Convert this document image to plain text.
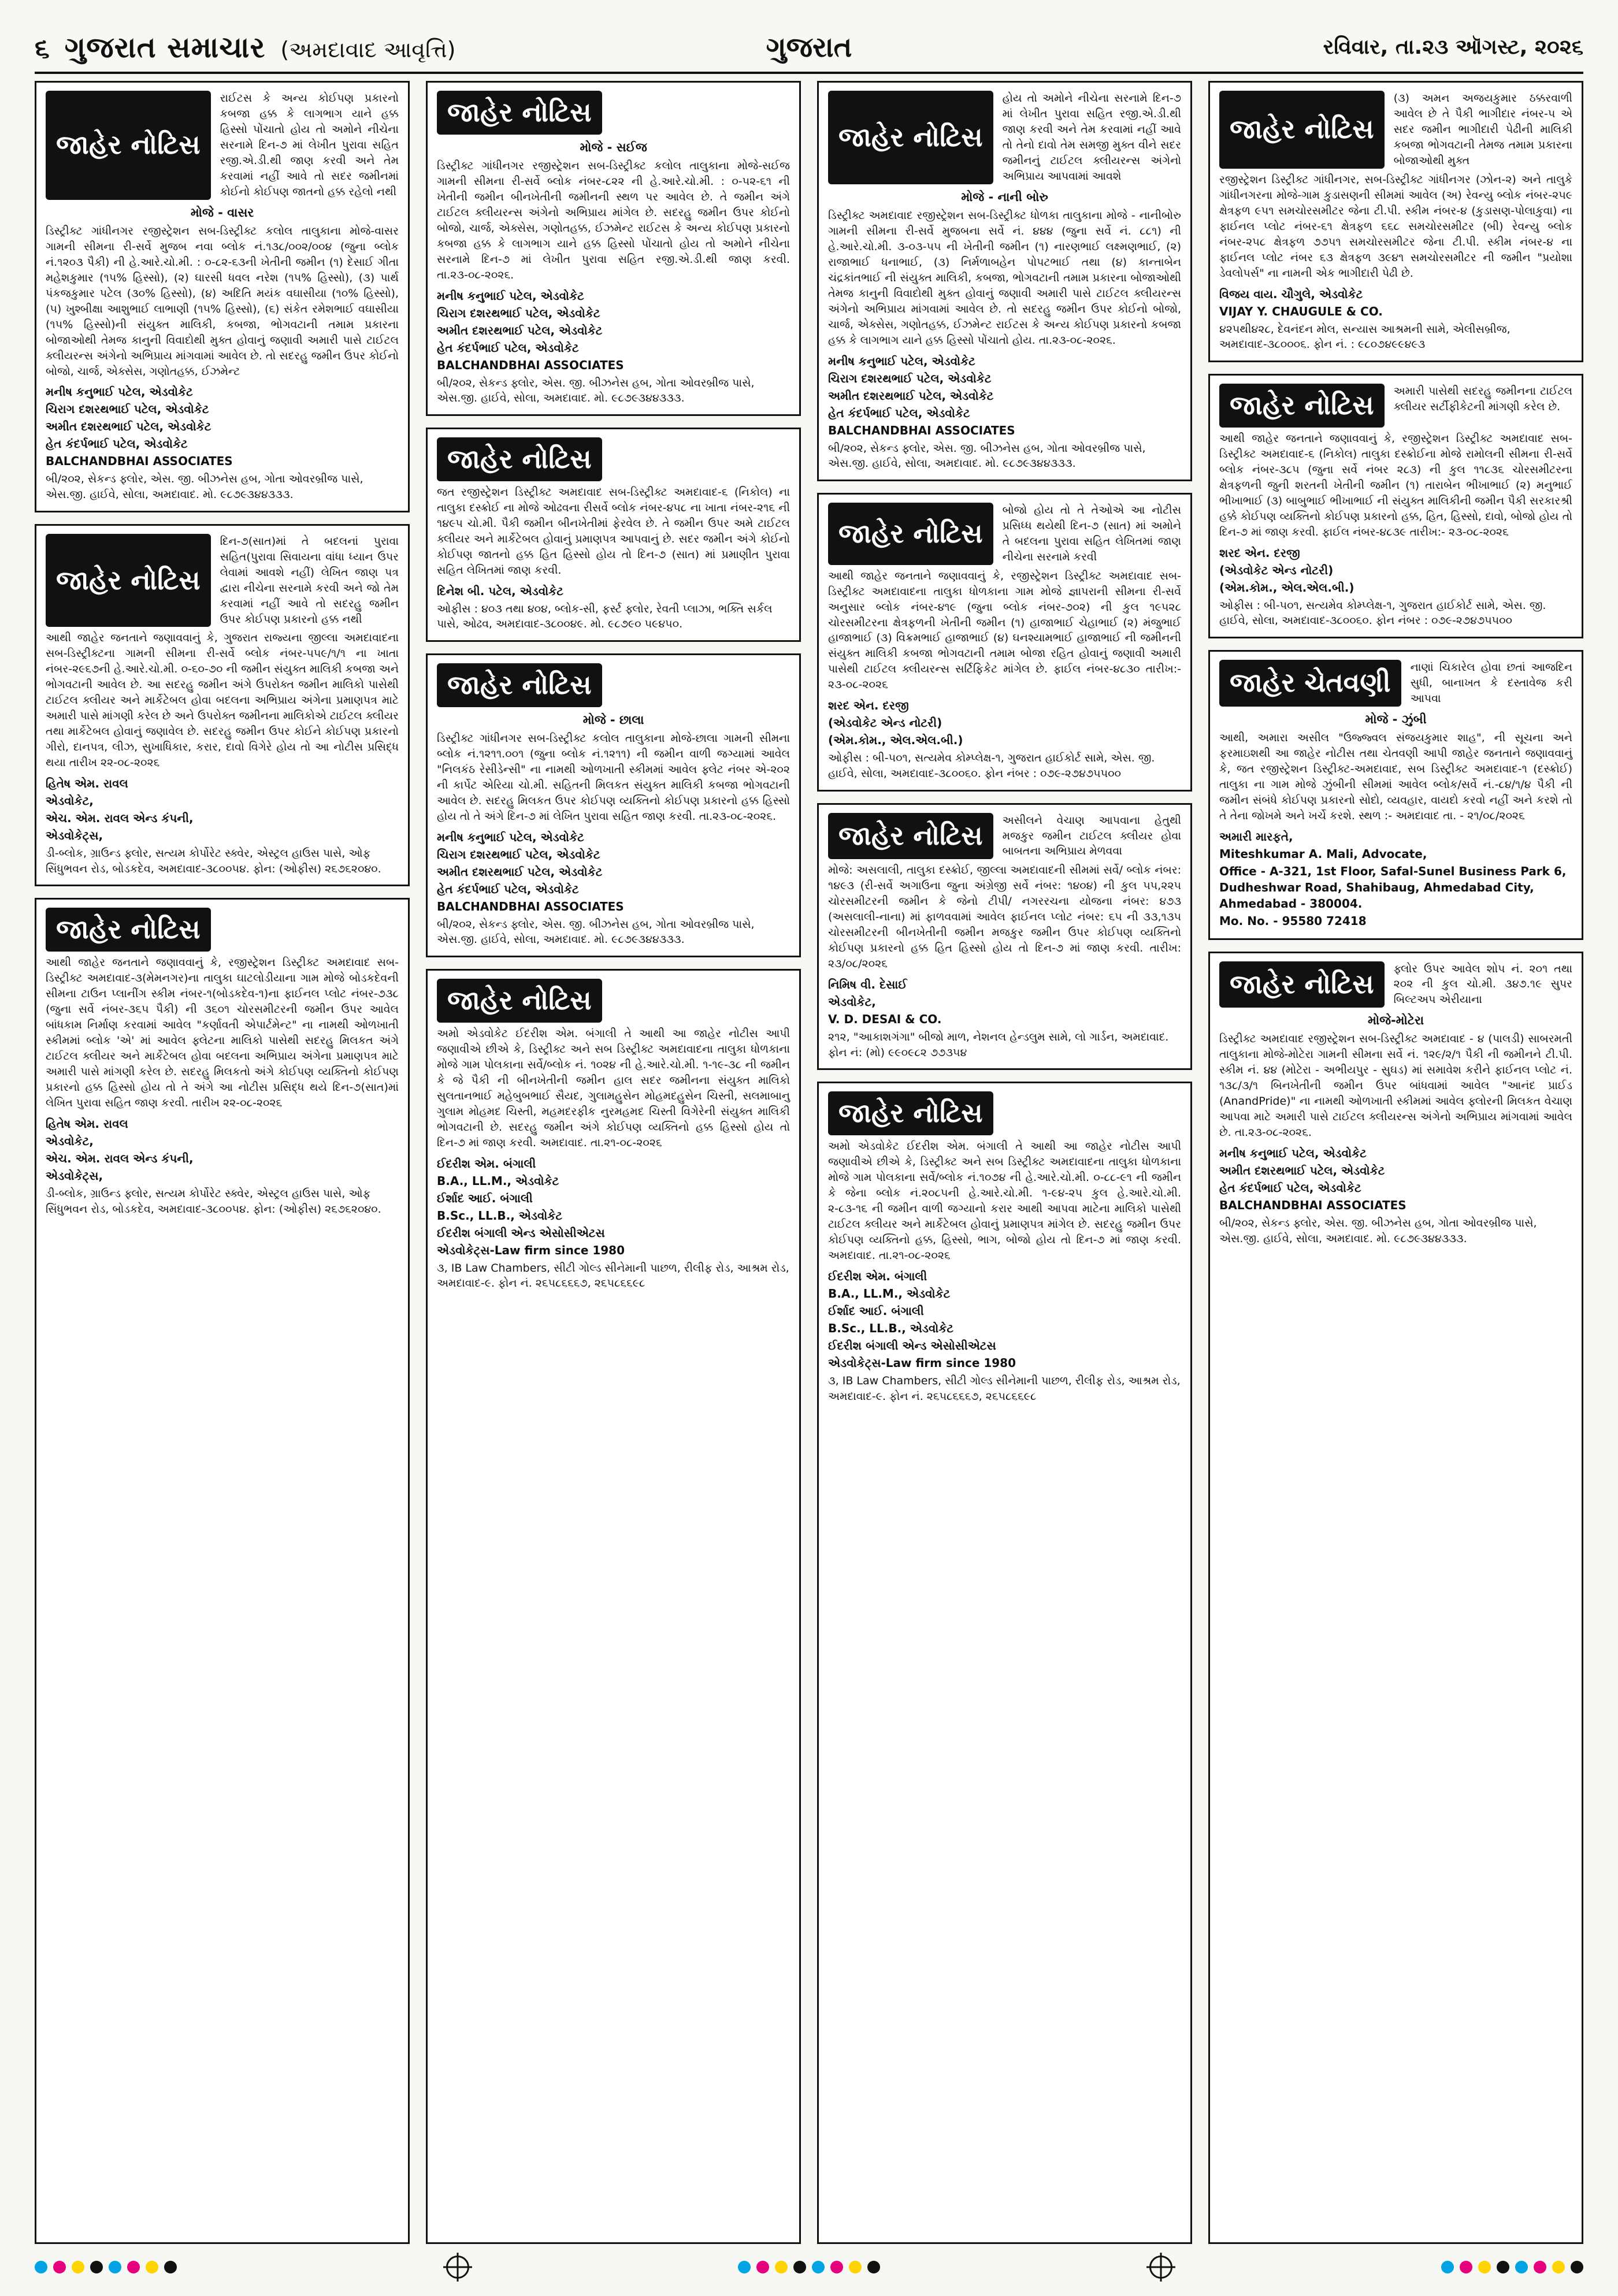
૬ ગુજરાત સમાચાર (અમદાવાદ આવૃત્તિ)	ગુજરાત	રવિવાર, તા.૨૩ ઑગસ્ટ, ૨૦૨૬
જાહેર નોટિસ
રાઈટસ કે અન્ય કોઈપણ પ્રકારનો કબજા હક્ક કે લાગભાગ યાને હક્ક હિસ્સો પોંચાતો હોય તો અમોને નીચેના સરનામે દિન-૭ માં લેખીત પુરાવા સહિત રજી.એ.ડી.થી જાણ કરવી અને તેમ કરવામાં નહીં આવે તો સદર જમીનમાં કોઈનો કોઈપણ જાતનો હક્ક રહેલો નથી
મોજે - વાસર
ડિસ્ટ્રીક્ટ ગાંધીનગર રજીસ્ટ્રેશન સબ-ડિસ્ટ્રીક્ટ કલોલ તાલુકાના મોજે-વાસર ગામની સીમના રી-સર્વે મુજબ નવા બ્લોક નં.૧૩૮/૦૦૨/૦૦૪ (જુના બ્લોક નં.૧૨૦૩ પૈકી) ની હે.આરે.ચો.મી. : ૦-૮૨-૬૩ની ખેતીની જમીન (૧) દેસાઈ ગીતા મહેશકુમાર (૧૫% હિસ્સો), (૨) ઘારસી ધવલ નરેશ (૧૫% હિસ્સો), (૩) પાર્થ પંકજકુમાર પટેલ (૩૦% હિસ્સો), (૪) અદિતિ મયંક વઘાસીયા (૧૦% હિસ્સો), (૫) ખુશ્બીક્ષા આશુભાઈ લાભાણી (૧૫% હિસ્સો), (૬) સંકેત રમેશભાઈ વઘાસીયા (૧૫% હિસ્સો)ની સંયુક્ત માલિકી, કબજા, ભોગવટાની તમામ પ્રકારના બોજાઓથી તેમજ કાનુની વિવાદોથી મુક્ત હોવાનું જણાવી અમારી પાસે ટાઈટલ ક્લીયરન્સ અંગેનો અભિપ્રાય માંગવામાં આવેલ છે. તો સદરહુ જમીન ઉપર કોઈનો બોજો, ચાર્જ, એક્સેસ, ગણોતહક્ક, ઈઝમેન્ટ
મનીષ કનુભાઈ પટેલ, એડવોકેટ
ચિરાગ દશરથભાઈ પટેલ, એડવોકેટ
અમીત દશરથભાઈ પટેલ, એડવોકેટ
હેત કંદર્પભાઈ પટેલ, એડવોકેટ
BALCHANDBHAI ASSOCIATES
બી/૨૦૨, સેકન્ડ ફ્લોર, એસ. જી. બીઝનેસ હબ, ગોતા ઓવરબ્રીજ પાસે, એસ.જી. હાઈવે, સોલા, અમદાવાદ. મો. ૯૮૭૯૩૪૪૩૩૩.
જાહેર નોટિસ
દિન-૭(સાત)માં તે બદલનાં પુરાવા સહિત(પુરાવા સિવાયના વાંધા ધ્યાન ઉપર લેવામાં આવશે નહીં) લેખિત જાણ પત્ર દ્વારા નીચેના સરનામે કરવી અને જો તેમ કરવામાં નહીં આવે તો સદરહુ જમીન ઉપર કોઈપણ પ્રકારનો હક્ક નથી
આથી જાહેર જનતાને જણાવવાનું કે, ગુજરાત રાજ્યના જીલ્લા અમદાવાદના સબ-ડિસ્ટ્રીક્ટના ગામની સીમના રી-સર્વે બ્લોક નંબર-૫૫૯/૧/૧ ના ખાતા નંબર-૨૯૬૭ની હે.આરે.ચો.મી. ૦-૬૦-૭૦ ની જમીન સંયુક્ત માલિકી કબજા અને ભોગવટાની આવેલ છે. આ સદરહુ જમીન અંગે ઉપરોક્ત જમીન માલિકો પાસેથી ટાઈટલ ક્લીયર અને માર્કેટેબલ હોવા બદલના અભિપ્રાય અંગેના પ્રમાણપત્ર માટે અમારી પાસે માંગણી કરેલ છે અને ઉપરોક્ત જમીનના માલિકોએ ટાઈટલ ક્લીયર તથા માર્કેટેબલ હોવાનું જણાવેલ છે. સદરહુ જમીન ઉપર કોઈને કોઈપણ પ્રકારનો ગીરો, દાનપત્ર, લીઝ, સુખાધિકાર, કરાર, દાવો વિગેરે હોય તો આ નોટીસ પ્રસિદ્ધ થયા તારીખ ૨૨-૦૮-૨૦૨૬
હિતેષ એમ. રાવલ
એડવોકેટ,
એચ. એમ. રાવલ એન્ડ કંપની,
એડવોકેટ્સ,
ડી-બ્લોક, ગ્રાઉન્ડ ફ્લોર, સત્યમ કોર્પોરેટ સ્ક્વેર, એસ્ટ્રલ હાઉસ પાસે, ઓફ સિંધુભવન રોડ, બોડકદેવ, અમદાવાદ-૩૮૦૦૫૪. ફોન: (ઓફીસ) ૨૬૭૬૨૦૪૦.
જાહેર નોટિસ
આથી જાહેર જનતાને જણાવવાનું કે, રજીસ્ટ્રેશન ડિસ્ટ્રીક્ટ અમદાવાદ સબ-ડિસ્ટ્રીક્ટ અમદાવાદ-૩(મેમનગર)ના તાલુકા ઘાટલોડીયાના ગામ મોજે બોડકદેવની સીમના ટાઉન પ્લાનીંગ સ્કીમ નંબર-૧(બોડકદેવ-૧)ના ફાઈનલ પ્લોટ નંબર-૭૩૮ (જુના સર્વે નંબર-૩૬૫ પૈકી) ની ૩૬૦૧ ચોરસમીટરની જમીન ઉપર આવેલ બાંધકામ નિર્માણ કરવામાં આવેલ "કર્ણાવતી એપાર્ટમેન્ટ" ના નામથી ઓળખાતી સ્કીમમાં બ્લોક 'એ' માં આવેલ ફ્લેટના માલિકો પાસેથી સદરહુ મિલકત અંગે ટાઈટલ ક્લીયર અને માર્કેટેબલ હોવા બદલના અભિપ્રાય અંગેના પ્રમાણપત્ર માટે અમારી પાસે માંગણી કરેલ છે. સદરહુ મિલકતો અંગે કોઈપણ વ્યક્તિનો કોઈપણ પ્રકારનો હક્ક હિસ્સો હોય તો તે અંગે આ નોટીસ પ્રસિદ્ધ થયે દિન-૭(સાત)માં લેખિત પુરાવા સહિત જાણ કરવી. તારીખ ૨૨-૦૮-૨૦૨૬
હિતેષ એમ. રાવલ
એડવોકેટ,
એચ. એમ. રાવલ એન્ડ કંપની,
એડવોકેટ્સ,
ડી-બ્લોક, ગ્રાઉન્ડ ફ્લોર, સત્યમ કોર્પોરેટ સ્ક્વેર, એસ્ટ્રલ હાઉસ પાસે, ઓફ સિંધુભવન રોડ, બોડકદેવ, અમદાવાદ-૩૮૦૦૫૪. ફોન: (ઓફીસ) ૨૬૭૬૨૦૪૦.
જાહેર નોટિસ
મોજે - સઈજ
ડિસ્ટ્રીક્ટ ગાંધીનગર રજીસ્ટ્રેશન સબ-ડિસ્ટ્રીક્ટ કલોલ તાલુકાના મોજે-સઈજ ગામની સીમના રી-સર્વે બ્લોક નંબર-૮૨૨ ની હે.આરે.ચો.મી. : ૦-૫૨-૬૧ ની ખેતીની જમીન બીનખેતીની જમીનની સ્થળ પર આવેલ છે. તે જમીન અંગે ટાઈટલ ક્લીયરન્સ અંગેનો અભિપ્રાય માંગેલ છે. સદરહુ જમીન ઉપર કોઈનો બોજો, ચાર્જ, એક્સેસ, ગણોતહક્ક, ઈઝમેન્ટ રાઈટસ કે અન્ય કોઈપણ પ્રકારનો કબજા હક્ક કે લાગભાગ યાને હક્ક હિસ્સો પોંચાતો હોય તો અમોને નીચેના સરનામે દિન-૭ માં લેખીત પુરાવા સહિત રજી.એ.ડી.થી જાણ કરવી. તા.૨૩-૦૮-૨૦૨૬.
મનીષ કનુભાઈ પટેલ, એડવોકેટ
ચિરાગ દશરથભાઈ પટેલ, એડવોકેટ
અમીત દશરથભાઈ પટેલ, એડવોકેટ
હેત કંદર્પભાઈ પટેલ, એડવોકેટ
BALCHANDBHAI ASSOCIATES
બી/૨૦૨, સેકન્ડ ફ્લોર, એસ. જી. બીઝનેસ હબ, ગોતા ઓવરબ્રીજ પાસે, એસ.જી. હાઈવે, સોલા, અમદાવાદ. મો. ૯૮૭૯૩૪૪૩૩૩.
જાહેર નોટિસ
જત રજીસ્ટ્રેશન ડિસ્ટ્રીક્ટ અમદાવાદ સબ-ડિસ્ટ્રીક્ટ અમદાવાદ-૬ (નિકોલ) ના તાલુકા દસ્ક્રોઈ ના મોજે ઓઢવના રીસર્વે બ્લોક નંબર-૪૫૮ ના ખાતા નંબર-૨૧૬ ની ૧૪૯૫ ચો.મી. પૈકી જમીન બીનખેતીમાં ફેરવેલ છે. તે જમીન ઉપર અમે ટાઈટલ ક્લીયર અને માર્કેટેબલ હોવાનું પ્રમાણપત્ર આપવાનું છે. સદર જમીન અંગે કોઈનો કોઈપણ જાતનો હક્ક હિત હિસ્સો હોય તો દિન-૭ (સાત) માં પ્રમાણીત પુરાવા સહિત લેખિતમાં જાણ કરવી.
દિનેશ બી. પટેલ, એડવોકેટ
ઓફીસ : ૪૦૩ તથા ૪૦૪, બ્લોક-સી, ફર્સ્ટ ફ્લોર, રેવતી પ્લાઝા, ભક્તિ સર્કલ પાસે, ઓઢવ, અમદાવાદ-૩૮૦૦૪૯. મો. ૯૮૭૯૦ ૫૯૪૫૦.
જાહેર નોટિસ
મોજે - છાલા
ડિસ્ટ્રીક્ટ ગાંધીનગર સબ-ડિસ્ટ્રીક્ટ કલોલ તાલુકાના મોજે-છાલા ગામની સીમના બ્લોક નં.૧૨૧૧.૦૦૧ (જુના બ્લોક નં.૧૨૧૧) ની જમીન વાળી જગ્યામાં આવેલ "નિલકંઠ રેસીડેન્સી" ના નામથી ઓળખાતી સ્કીમમાં આવેલ ફ્લેટ નંબર એ-૨૦૨ ની કાર્પેટ એરિયા ચો.મી. સહિતની મિલકત સંયુક્ત માલિકી કબજા ભોગવટાની આવેલ છે. સદરહુ મિલકત ઉપર કોઈપણ વ્યક્તિનો કોઈપણ પ્રકારનો હક્ક હિસ્સો હોય તો તે અંગે દિન-૭ માં લેખિત પુરાવા સહિત જાણ કરવી. તા.૨૩-૦૮-૨૦૨૬.
મનીષ કનુભાઈ પટેલ, એડવોકેટ
ચિરાગ દશરથભાઈ પટેલ, એડવોકેટ
અમીત દશરથભાઈ પટેલ, એડવોકેટ
હેત કંદર્પભાઈ પટેલ, એડવોકેટ
BALCHANDBHAI ASSOCIATES
બી/૨૦૨, સેકન્ડ ફ્લોર, એસ. જી. બીઝનેસ હબ, ગોતા ઓવરબ્રીજ પાસે, એસ.જી. હાઈવે, સોલા, અમદાવાદ. મો. ૯૮૭૯૩૪૪૩૩૩.
જાહેર નોટિસ
અમો એડવોકેટ ઈદરીશ એમ. બંગાલી તે આથી આ જાહેર નોટીસ આપી જણાવીએ છીએ કે, ડિસ્ટ્રીક્ટ અને સબ ડિસ્ટ્રીક્ટ અમદાવાદના તાલુકા ધોળકાના મોજે ગામ પોલકાના સર્વે/બ્લોક નં. ૧૦૨૪ ની હે.આરે.ચો.મી. ૧-૧૯-૩૮ ની જમીન કે જે પૈકી ની બીનખેતીની જમીન હાલ સદર જમીનના સંયુક્ત માલિકો સુલતાનભાઈ મહેબુબભાઈ સૈયદ, ગુલામહુસેન મોહમદહુસેન ચિસ્તી, સલમાબાનુ ગુલામ મોહમદ ચિસ્તી, મહમદરફીક નુરમહમદ ચિસ્તી વિગેરેની સંયુક્ત માલિકી ભોગવટાની છે. સદરહુ જમીન અંગે કોઈપણ વ્યક્તિનો હક્ક હિસ્સો હોય તો દિન-૭ માં જાણ કરવી. અમદાવાદ. તા.૨૧-૦૮-૨૦૨૬
ઈદરીશ એમ. બંગાલી
B.A., LL.M., એડવોકેટ
ઈર્શાદ આઈ. બંગાલી
B.Sc., LL.B., એડવોકેટ
ઈદરીશ બંગાલી એન્ડ એસોસીએટસ
એડવોકેટ્સ-Law firm since 1980
૩, IB Law Chambers, સીટી ગોલ્ડ સીનેમાની પાછળ, રીલીફ રોડ, આશ્રમ રોડ, અમદાવાદ-૯. ફોન નં. ૨૬૫૮૬૬૬૭, ૨૬૫૮૬૬૯૮
જાહેર નોટિસ
હોય તો અમોને નીચેના સરનામે દિન-૭ માં લેખીત પુરાવા સહિત રજી.એ.ડી.થી જાણ કરવી અને તેમ કરવામાં નહીં આવે તો તેનો દાવો તેમ સમજી મુક્ત વીને સદર જમીનનું ટાઈટલ ક્લીયરન્સ અંગેનો અભિપ્રાય આપવામાં આવશે
મોજે - નાની બોરુ
ડિસ્ટ્રીક્ટ અમદાવાદ રજીસ્ટ્રેશન સબ-ડિસ્ટ્રીક્ટ ધોળકા તાલુકાના મોજે - નાનીબોરુ ગામની સીમના રી-સર્વે મુજબના સર્વે નં. ૪૪૪ (જુના સર્વે નં. ૮૮૧) ની હે.આરે.ચો.મી. ૩-૦૩-૫૫ ની ખેતીની જમીન (૧) નારણભાઈ લક્ષ્મણભાઈ, (૨) રાજાભાઈ ધનાભાઈ, (૩) નિર્મળાબહેન પોપટભાઈ તથા (૪) કાન્તાબેન ચંદ્રકાંતભાઈ ની સંયુક્ત માલિકી, કબજા, ભોગવટાની તમામ પ્રકારના બોજાઓથી તેમજ કાનુની વિવાદોથી મુક્ત હોવાનું જણાવી અમારી પાસે ટાઈટલ ક્લીયરન્સ અંગેનો અભિપ્રાય માંગવામાં આવેલ છે. તો સદરહુ જમીન ઉપર કોઈનો બોજો, ચાર્જ, એક્સેસ, ગણોતહક્ક, ઈઝમેન્ટ રાઈટસ કે અન્ય કોઈપણ પ્રકારનો કબજા હક્ક કે લાગભાગ યાને હક્ક હિસ્સો પોંચાતો હોય. તા.૨૩-૦૮-૨૦૨૬.
મનીષ કનુભાઈ પટેલ, એડવોકેટ
ચિરાગ દશરથભાઈ પટેલ, એડવોકેટ
અમીત દશરથભાઈ પટેલ, એડવોકેટ
હેત કંદર્પભાઈ પટેલ, એડવોકેટ
BALCHANDBHAI ASSOCIATES
બી/૨૦૨, સેકન્ડ ફ્લોર, એસ. જી. બીઝનેસ હબ, ગોતા ઓવરબ્રીજ પાસે, એસ.જી. હાઈવે, સોલા, અમદાવાદ. મો. ૯૮૭૯૩૪૪૩૩૩.
જાહેર નોટિસ
બોજો હોય તો તે તેઓએ આ નોટીસ પ્રસિધ્ધ થયેથી દિન-૭ (સાત) માં અમોને તે બદલના પુરાવા સહિત લેખિતમાં જાણ નીચેના સરનામે કરવી
આથી જાહેર જનતાને જણાવવાનું કે, રજીસ્ટ્રેશન ડિસ્ટ્રીક્ટ અમદાવાદ સબ-ડિસ્ટ્રીક્ટ અમદાવાદના તાલુકા ધોળકાના ગામ મોજે જ્ઞાપરાની સીમના રી-સર્વે અનુસાર બ્લોક નંબર-૪૧૯ (જુના બ્લોક નંબર-૭૦૨) ની કુલ ૧૯૫૨૮ ચોરસમીટરના ક્ષેત્રફળની ખેતીની જમીન (૧) હાજાભાઈ ચેહાભાઈ (૨) મંજુભાઈ હાજાભાઈ (૩) વિક્રમભાઈ હાજાભાઈ (૪) ઘનશ્યામભાઈ હાજાભાઈ ની જમીનની સંયુક્ત માલિકી કબજા ભોગવટાની તમામ બોજા રહિત હોવાનું જણાવી અમારી પાસેથી ટાઈટલ ક્લીયરન્સ સર્ટિફિકેટ માંગેલ છે. ફાઈલ નંબર-૪૮૩૦ તારીખ:- ૨૩-૦૮-૨૦૨૬
શરદ એન. દરજી
(એડવોકેટ એન્ડ નોટરી)
(એમ.કોમ., એલ.એલ.બી.)
ઓફીસ : બી-૫૦૧, સત્યમેવ કોમ્પ્લેક્ષ-૧, ગુજરાત હાઈકોર્ટ સામે, એસ. જી. હાઈવે, સોલા, અમદાવાદ-૩૮૦૦૬૦. ફોન નંબર : ૦૭૯-૨૭૪૭૫૫૦૦
જાહેર નોટિસ	અસીલને વેચાણ આપવાના હેતુથી મજકુર જમીન ટાઈટલ ક્લીયર હોવા બાબતના અભિપ્રાય મેળવવા
મોજે: અસલાલી, તાલુકા દસ્ક્રોઈ, જીલ્લા અમદાવાદની સીમમાં સર્વે/ બ્લોક નંબર: ૧૪૯૩ (રી-સર્વે અગાઉના જુના અંગ્રેજી સર્વે નંબર: ૧૪૦૪) ની કુલ ૫૫,૨૨૫ ચોરસમીટરની જમીન કે જેનો ટીપી/ નગરરચના યોજના નંબર: ૪૭૩ (અસલાલી-નાના) માં ફાળવવામાં આવેલ ફાઈનલ પ્લોટ નંબર: ૬૫ ની ૩૩,૧૩૫ ચોરસમીટરની બીનખેતીની જમીન મજકુર જમીન ઉપર કોઈપણ વ્યક્તિનો કોઈપણ પ્રકારનો હક્ક હિત હિસ્સો હોય તો દિન-૭ માં જાણ કરવી. તારીખ: ૨૩/૦૮/૨૦૨૬
નિમિષ વી. દેસાઈ
એડવોકેટ,
V. D. DESAI & CO.
૨૧૨, "આકાશગંગા" બીજો માળ, નેશનલ હેન્ડલુમ સામે, લો ગાર્ડન, અમદાવાદ. ફોન નં: (મો) ૯૯૦૯૮૨ ૭૭૩૫૪
જાહેર નોટિસ
અમો એડવોકેટ ઈદરીશ એમ. બંગાલી તે આથી આ જાહેર નોટીસ આપી જણાવીએ છીએ કે, ડિસ્ટ્રીક્ટ અને સબ ડિસ્ટ્રીક્ટ અમદાવાદના તાલુકા ધોળકાના મોજે ગામ પોલકાના સર્વે/બ્લોક નં.૧૦૭૪ ની હે.આરે.ચો.મી. ૦-૮૮-૯૧ ની જમીન કે જેના બ્લોક નં.૨૦૮૫ની હે.આરે.ચો.મી. ૧-૯૪-૨૫ કુલ હે.આરે.ચો.મી. ૨-૮૩-૧૬ ની જમીન વાળી જગ્યાનો કરાર આથી આપવા માટેના માલિકો પાસેથી ટાઈટલ ક્લીયર અને માર્કેટેબલ હોવાનું પ્રમાણપત્ર માંગેલ છે. સદરહુ જમીન ઉપર કોઈપણ વ્યક્તિનો હક્ક, હિસ્સો, ભાગ, બોજો હોય તો દિન-૭ માં જાણ કરવી. અમદાવાદ. તા.૨૧-૦૮-૨૦૨૬
ઈદરીશ એમ. બંગાલી
B.A., LL.M., એડવોકેટ
ઈર્શાદ આઈ. બંગાલી
B.Sc., LL.B., એડવોકેટ
ઈદરીશ બંગાલી એન્ડ એસોસીએટસ
એડવોકેટ્સ-Law firm since 1980
૩, IB Law Chambers, સીટી ગોલ્ડ સીનેમાની પાછળ, રીલીફ રોડ, આશ્રમ રોડ, અમદાવાદ-૯. ફોન નં. ૨૬૫૮૬૬૬૭, ૨૬૫૮૬૬૯૮
જાહેર નોટિસ
(૩) અમન અજયકુમાર ઠક્કરવાળી આવેલ છે તે પૈકી ભાગીદાર નંબર-૫ એ સદર જમીન ભાગીદારી પેઢીની માલિકી કબજા ભોગવટાની તેમજ તમામ પ્રકારના બોજાઓથી મુક્ત
રજીસ્ટ્રેશન ડિસ્ટ્રીક્ટ ગાંધીનગર, સબ-ડિસ્ટ્રીક્ટ ગાંધીનગર (ઝોન-૨) અને તાલુકે ગાંધીનગરના મોજે-ગામ કુડાસણની સીમમાં આવેલ (અ) રેવન્યુ બ્લોક નંબર-૨૫૯ ક્ષેત્રફળ ૯૫૧ સમચોરસમીટર જેના ટી.પી. સ્કીમ નંબર-૪ (કુડાસણ-પોલાકુવા) ના ફાઈનલ પ્લોટ નંબર-૬૧ ક્ષેત્રફળ ૬૬૮ સમચોરસમીટર (બી) રેવન્યુ બ્લોક નંબર-૨૫૮ ક્ષેત્રફળ ૭૭૫૧ સમચોરસમીટર જેના ટી.પી. સ્કીમ નંબર-૪ ના ફાઈનલ પ્લોટ નંબર ૬૩ ક્ષેત્રફળ ૩૯૪૧ સમચોરસમીટર ની જમીન "પ્રયોશા ડેવલોપર્સ" ના નામની એક ભાગીદારી પેઢી છે.
વિજય વાય. ચૌગુલે, એડવોકેટ
VIJAY Y. CHAUGULE & CO.
૪૨૫થી૪૨૮, દેવનંદન મોલ, સન્યાસ આશ્રમની સામે, એલીસબ્રીજ, અમદાવાદ-૩૮૦૦૦૬. ફોન નં. : ૯૮૦૭૪૯૯૪૯૩
જાહેર નોટિસ	અમારી પાસેથી સદરહુ જમીનના ટાઈટલ ક્લીયર સર્ટીફીકેટની માંગણી કરેલ છે.
આથી જાહેર જનતાને જણાવવાનું કે, રજીસ્ટ્રેશન ડિસ્ટ્રીક્ટ અમદાવાદ સબ-ડિસ્ટ્રીક્ટ અમદાવાદ-૬ (નિકોલ) તાલુકા દસ્ક્રોઈના મોજે રામોલની સીમના રી-સર્વે બ્લોક નંબર-૩૮૫ (જુના સર્વે નંબર ૨૮૩) ની કુલ ૧૧૮૩૬ ચોરસમીટરના ક્ષેત્રફળની જુની શરતની ખેતીની જમીન (૧) તારાબેન ભીખાભાઈ (૨) મનુભાઈ ભીખાભાઈ (૩) બાબુભાઈ ભીખાભાઈ ની સંયુક્ત માલિકીની જમીન પૈકી સરકારશ્રી હક્કે કોઈપણ વ્યક્તિનો કોઈપણ પ્રકારનો હક્ક, હિત, હિસ્સો, દાવો, બોજો હોય તો દિન-૭ માં જાણ કરવી. ફાઈલ નંબર-૪૮૩૯ તારીખ:- ૨૩-૦૮-૨૦૨૬
શરદ એન. દરજી
(એડવોકેટ એન્ડ નોટરી)
(એમ.કોમ., એલ.એલ.બી.)
ઓફીસ : બી-૫૦૧, સત્યમેવ કોમ્પ્લેક્ષ-૧, ગુજરાત હાઈકોર્ટ સામે, એસ. જી. હાઈવે, સોલા, અમદાવાદ-૩૮૦૦૬૦. ફોન નંબર : ૦૭૯-૨૭૪૭૫૫૦૦
જાહેર ચેતવણી	નાણાં ચિકારેલ હોવા છતાં આજદિન સુધી, બાનાખત કે દસ્તાવેજ કરી આપવા
મોજે - ઝુંબી
આથી, અમારા અસીલ "ઉજ્જ્વલ સંજયકુમાર શાહ", ની સૂચના અને ફરમાઇશથી આ જાહેર નોટીસ તથા ચેતવણી આપી જાહેર જનતાને જણાવવાનું કે, જત રજીસ્ટ્રેશન ડિસ્ટ્રીક્ટ-અમદાવાદ, સબ ડિસ્ટ્રીક્ટ અમદાવાદ-૧ (દસ્ક્રોઈ) તાલુકા ના ગામ મોજે ઝુંબીની સીમમાં આવેલ બ્લોક/સર્વે નં.-૮૪/૧/૪ પૈકી ની જમીન સંબંધે કોઈપણ પ્રકારનો સોદો, વ્યવહાર, વાયદો કરવો નહીં અને કરશે તો તે તેના જોખમે અને ખર્ચે કરશે. સ્થળ :- અમદાવાદ તા. - ૨૧/૦૮/૨૦૨૬
અમારી મારફતે,
Miteshkumar A. Mali, Advocate,
Office - A-321, 1st Floor, Safal-Sunel Business Park 6, Dudheshwar Road, Shahibaug, Ahmedabad City, Ahmedabad - 380004.
Mo. No. - 95580 72418
જાહેર નોટિસ	ફ્લોર ઉપર આવેલ શોપ નં. ૨૦૧ તથા ૨૦૨ ની કુલ ચો.મી. ૩૪૭.૧૯ સુપર બિલ્ટઅપ એરીયાના
મોજે-મોટેરા
ડિસ્ટ્રીક્ટ અમદાવાદ રજીસ્ટ્રેશન સબ-ડિસ્ટ્રીક્ટ અમદાવાદ - ૪ (પાલડી) સાબરમતી તાલુકાના મોજે-મોટેરા ગામની સીમના સર્વે નં. ૧૨૯/૨/૧ પૈકી ની જમીનને ટી.પી. સ્કીમ નં. ૪૪ (મોટેરા - અભીયપુર - સુઘડ) માં સમાવેશ કરીને ફાઈનલ પ્લોટ નં. ૧૩૮/૩/૧ બિનખેતીની જમીન ઉપર બાંધવામાં આવેલ "આનંદ પ્રાઈડ (AnandPride)" ના નામથી ઓળખાતી સ્કીમમાં આવેલ ફ્લોરની મિલકત વેચાણ આપવા માટે અમારી પાસે ટાઈટલ ક્લીયરન્સ અંગેનો અભિપ્રાય માંગવામાં આવેલ છે. તા.૨૩-૦૮-૨૦૨૬.
મનીષ કનુભાઈ પટેલ, એડવોકેટ
અમીત દશરથભાઈ પટેલ, એડવોકેટ
હેત કંદર્પભાઈ પટેલ, એડવોકેટ
BALCHANDBHAI ASSOCIATES
બી/૨૦૨, સેકન્ડ ફ્લોર, એસ. જી. બીઝનેસ હબ, ગોતા ઓવરબ્રીજ પાસે, એસ.જી. હાઈવે, સોલા, અમદાવાદ. મો. ૯૮૭૯૩૪૪૩૩૩.
